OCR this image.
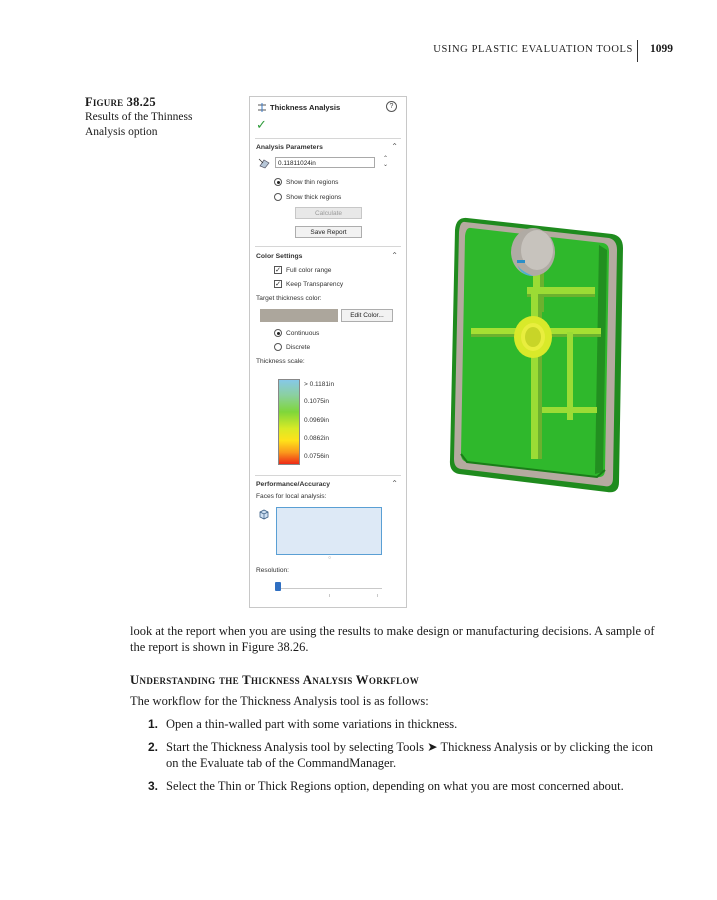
USING PLASTIC EVALUATION TOOLS 1099
Figure 38.25
Results of the Thinness Analysis option
Thickness Analysis	?
✓
Analysis Parameters	⌃
0.11811024in
⌃
⌄
Show thin regions
Show thick regions
Calculate
Save Report
Color Settings	⌃
✓ Full color range
✓ Keep Transparency
Target thickness color:
Edit Color...
Continuous
Discrete
Thickness scale:
> 0.1181in
0.1075in
0.0969in
0.0862in
0.0756in
Performance/Accuracy	⌃
Faces for local analysis:
○
Resolution:
look at the report when you are using the results to make design or manufacturing decisions. A sample of the report is shown in Figure 38.26.
Understanding the Thickness Analysis Workflow
The workflow for the Thickness Analysis tool is as follows:
1. Open a thin-walled part with some variations in thickness.
2. Start the Thickness Analysis tool by selecting Tools ➤ Thickness Analysis or by clicking the icon on the Evaluate tab of the CommandManager.
3. Select the Thin or Thick Regions option, depending on what you are most concerned about.
